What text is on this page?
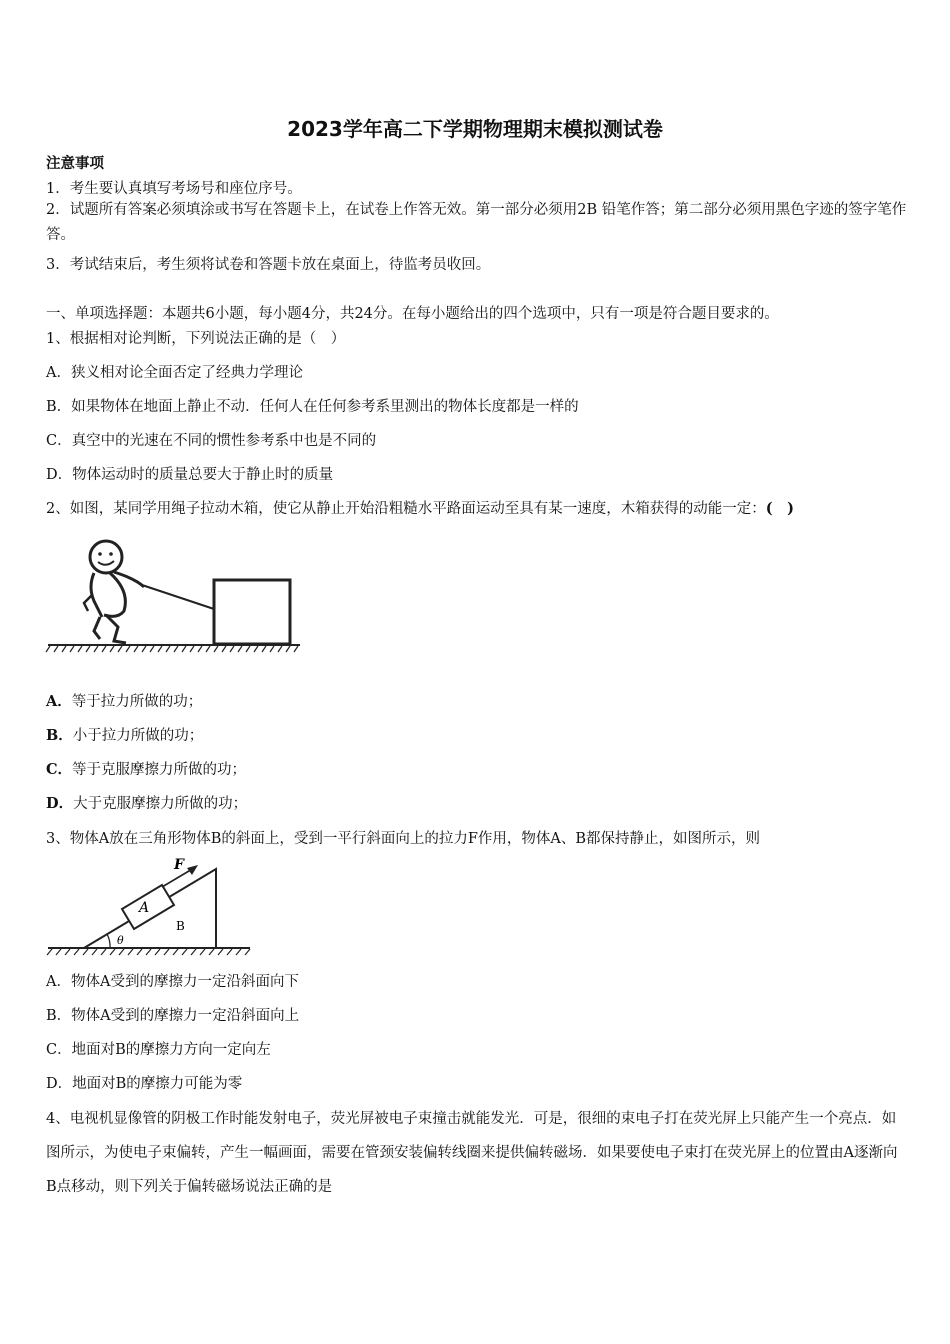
2023学年高二下学期物理期末模拟测试卷
注意事项
1．考生要认真填写考场号和座位序号。
2．试题所有答案必须填涂或书写在答题卡上，在试卷上作答无效。第一部分必须用2B 铅笔作答；第二部分必须用黑色字迹的签字笔作答。
3．考试结束后，考生须将试卷和答题卡放在桌面上，待监考员收回。
一、单项选择题：本题共6小题，每小题4分，共24分。在每小题给出的四个选项中，只有一项是符合题目要求的。
1、根据相对论判断，下列说法正确的是（　）
A．狭义相对论全面否定了经典力学理论
B．如果物体在地面上静止不动．任何人在任何参考系里测出的物体长度都是一样的
C．真空中的光速在不同的惯性参考系中也是不同的
D．物体运动时的质量总要大于静止时的质量
2、如图，某同学用绳子拉动木箱，使它从静止开始沿粗糙水平路面运动至具有某一速度，木箱获得的动能一定：(　)
A．等于拉力所做的功；
B．小于拉力所做的功；
C．等于克服摩擦力所做的功；
D．大于克服摩擦力所做的功；
3、物体A放在三角形物体B的斜面上，受到一平行斜面向上的拉力F作用，物体A、B都保持静止，如图所示，则
F
A
B
θ
A．物体A受到的摩擦力一定沿斜面向下
B．物体A受到的摩擦力一定沿斜面向上
C．地面对B的摩擦力方向一定向左
D．地面对B的摩擦力可能为零
4、电视机显像管的阴极工作时能发射电子，荧光屏被电子束撞击就能发光．可是，很细的束电子打在荧光屏上只能产生一个亮点．如图所示，为使电子束偏转，产生一幅画面，需要在管颈安装偏转线圈来提供偏转磁场．如果要使电子束打在荧光屏上的位置由A逐渐向B点移动，则下列关于偏转磁场说法正确的是
